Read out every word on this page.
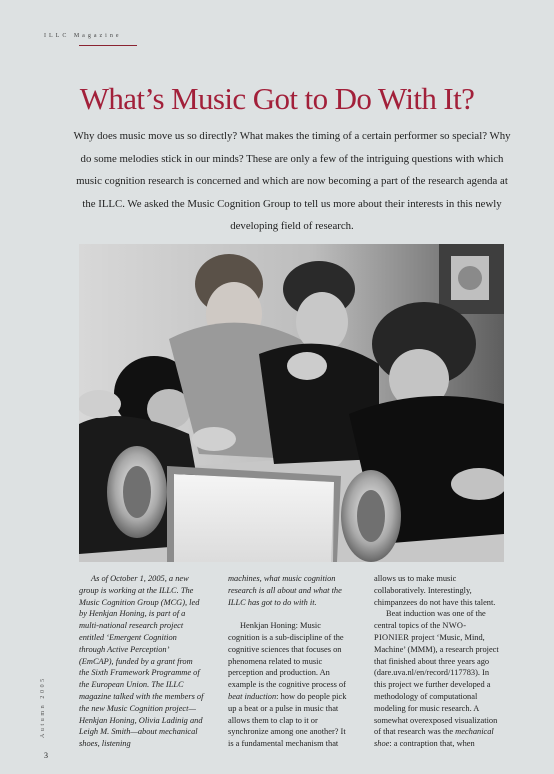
ILLC Magazine
What’s Music Got to Do With It?
Why does music move us so directly? What makes the timing of a certain performer so special? Why do some melodies stick in our minds? These are only a few of the intriguing questions with which music cognition research is concerned and which are now becoming a part of the research agenda at the ILLC. We asked the Music Cognition Group to tell us more about their interests in this newly developing field of research.

As of October 1, 2005, a new group is working at the ILLC. The Music Cognition Group (MCG), led by Henkjan Honing, is part of a multi-national research project entitled ‘Emergent Cognition through Active Perception’ (EmCAP), funded by a grant from the Sixth Framework Programme of the European Union. The ILLC magazine talked with the members of the new Music Cognition project—Henkjan Honing, Olivia Ladinig and Leigh M. Smith—about mechanical shoes, listening

machines, what music cognition research is all about and what the ILLC has got to do with it.

Henkjan Honing: Music cognition is a sub-discipline of the cognitive sciences that focuses on phenomena related to music perception and production. An example is the cognitive process of beat induction: how do people pick up a beat or a pulse in music that allows them to clap to it or synchronize among one another? It is a fundamental mechanism that

allows us to make music collaboratively. Interestingly, chimpanzees do not have this talent.

Beat induction was one of the central topics of the NWO-PIONIER project ‘Music, Mind, Machine’ (MMM), a research project that finished about three years ago (dare.uva.nl/en/record/117783). In this project we further developed a methodology of computational modeling for music research. A somewhat overexposed visualization of that research was the mechanical shoe: a contraption that, when

Autumn 2005
3
